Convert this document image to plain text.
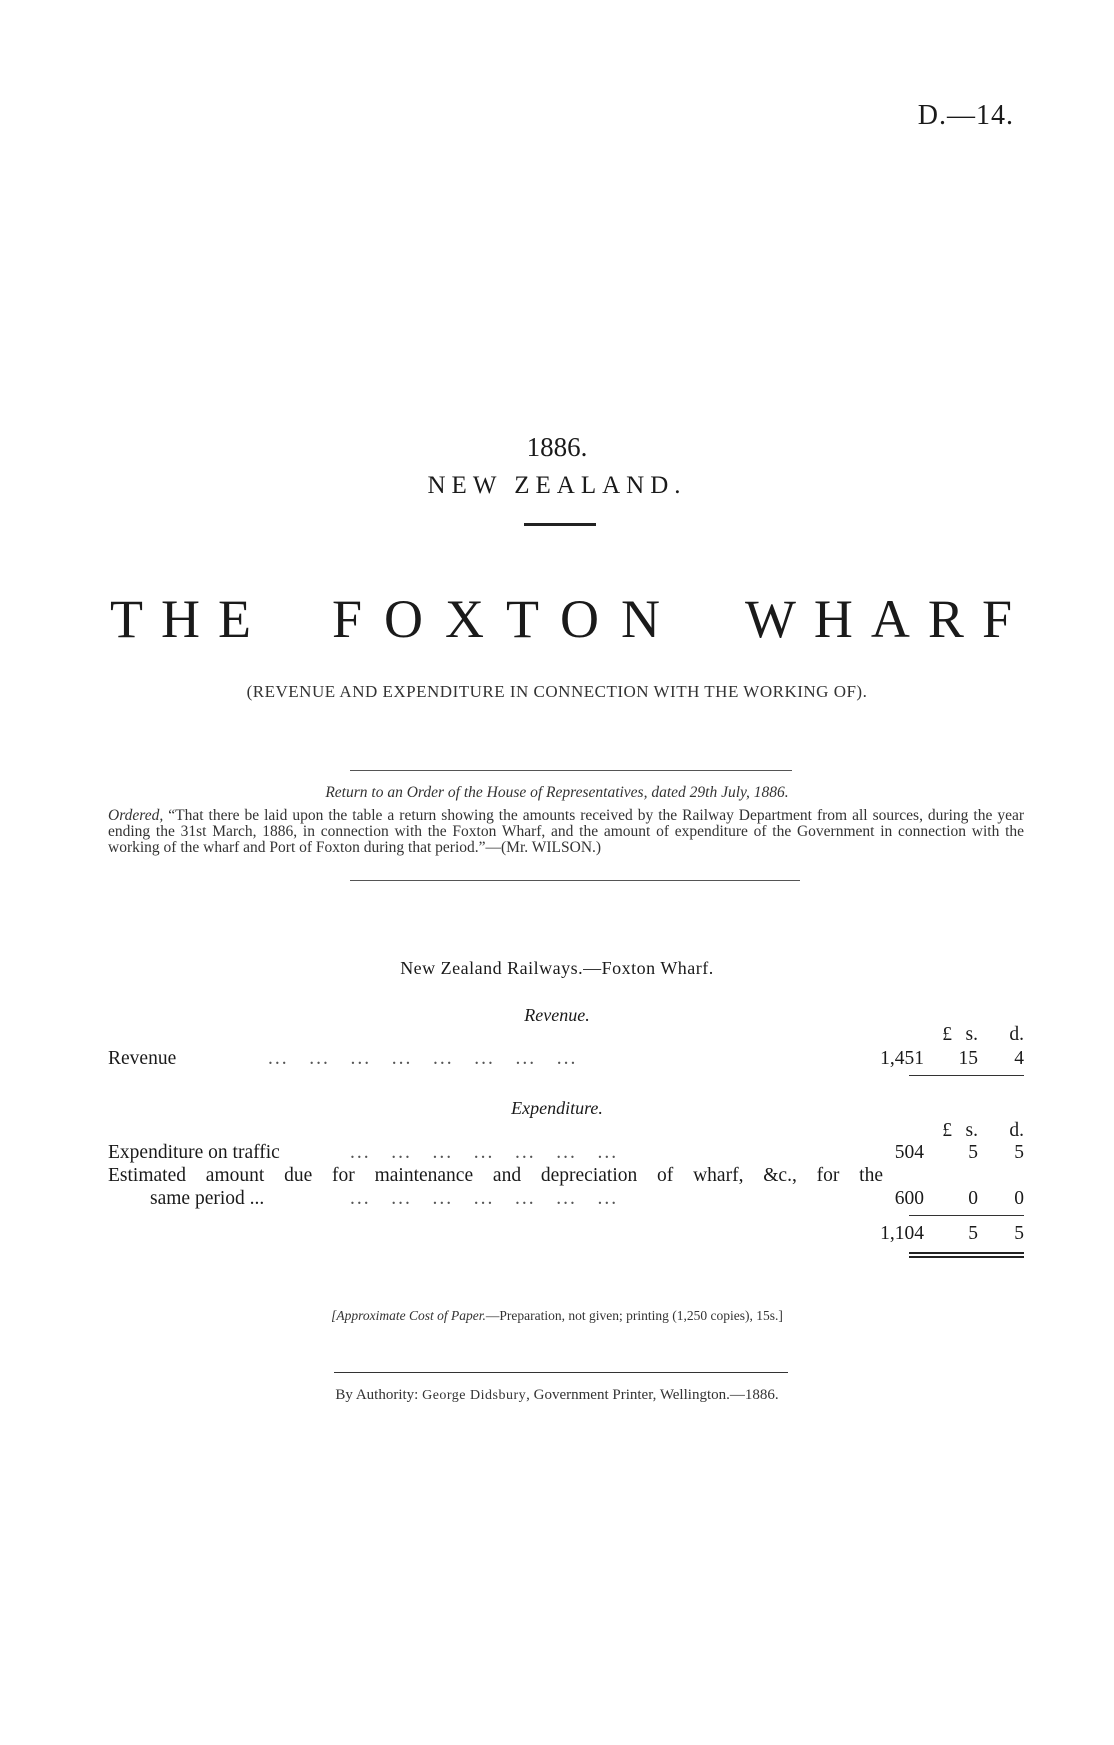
D.—14.
1886.
NEW ZEALAND.
THE FOXTON WHARF
(REVENUE AND EXPENDITURE IN CONNECTION WITH THE WORKING OF).
Return to an Order of the House of Representatives, dated 29th July, 1886.
Ordered, “That there be laid upon the table a return showing the amounts received by the Railway Department from all sources, during the year ending the 31st March, 1886, in connection with the Foxton Wharf, and the amount of expenditure of the Government in connection with the working of the wharf and Port of Foxton during that period.”—(Mr. WILSON.)
New Zealand Railways.—Foxton Wharf.
Revenue.
£ s.	d.
Revenue	...   ...   ...   ...   ...   ...   ...   ...	1,451	15	4
Expenditure.
£ s.	d.
Expenditure on traffic	...   ...   ...   ...   ...   ...   ...	504	5	5
Estimated amount due for maintenance and depreciation of wharf, &c., for the
same period ...	...   ...   ...   ...   ...   ...   ...	600	0	0
1,104	5	5
[Approximate Cost of Paper.—Preparation, not given; printing (1,250 copies), 15s.]
By Authority: George Didsbury, Government Printer, Wellington.—1886.
